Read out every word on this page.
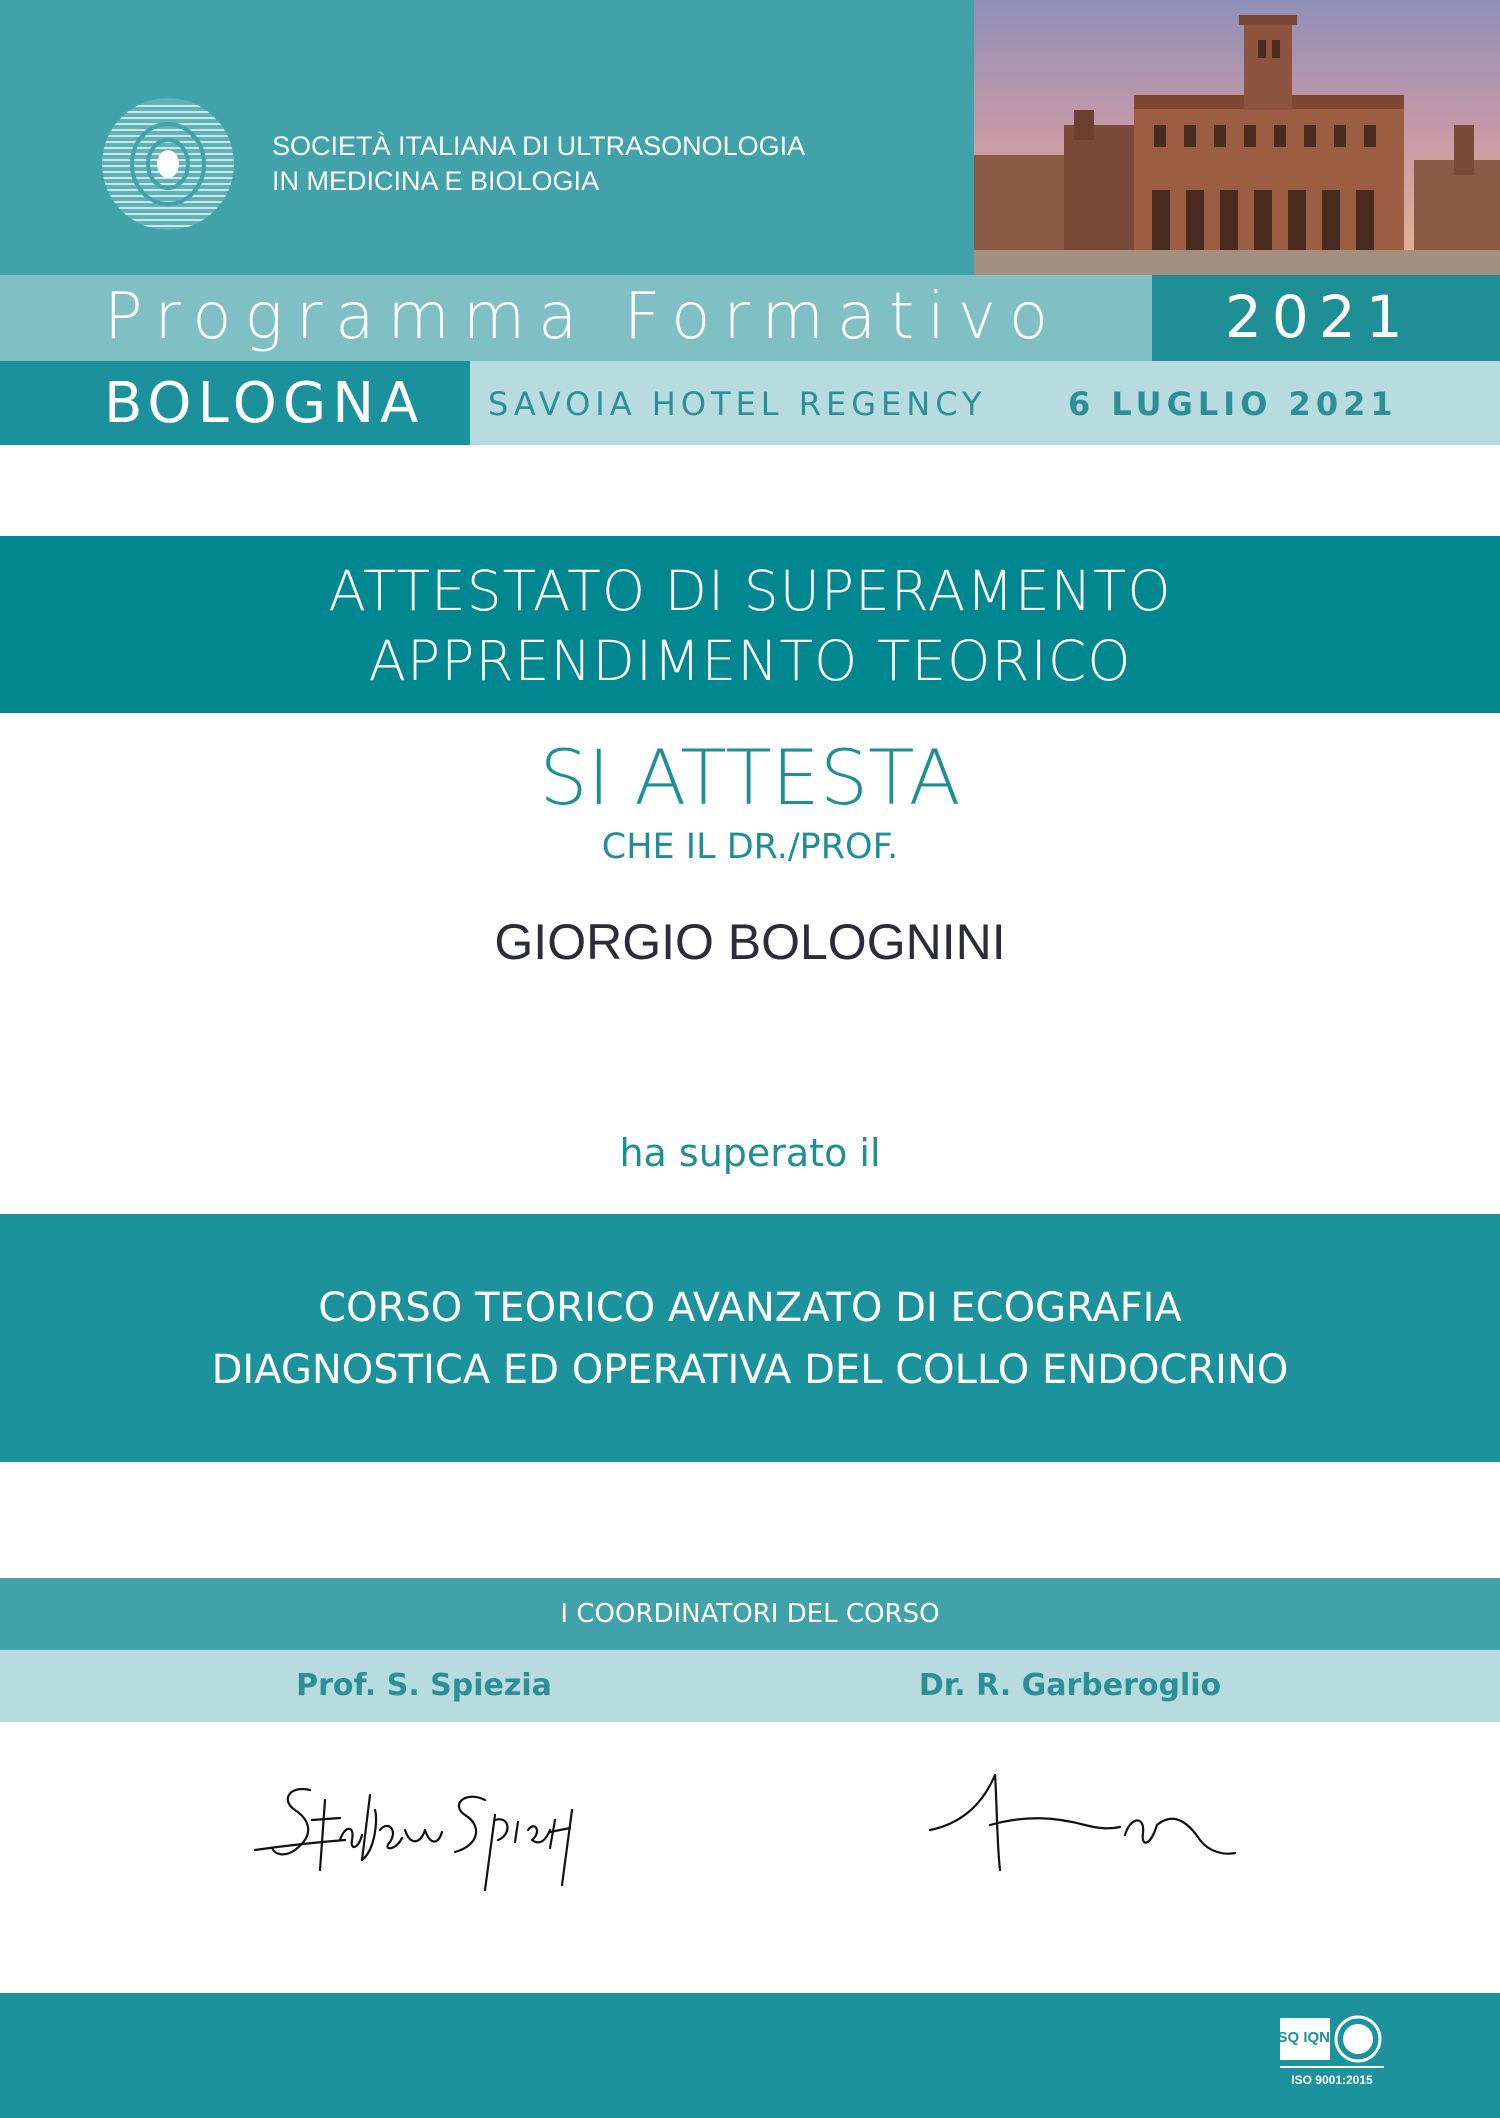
SOCIETÀ ITALIANA DI ULTRASONOLOGIA
IN MEDICINA E BIOLOGIA
Programma Formativo	2021
BOLOGNA SAVOIA HOTEL REGENCY	6 LUGLIO 2021
ATTESTATO DI SUPERAMENTO
APPRENDIMENTO TEORICO
SI ATTESTA
CHE IL DR./PROF.
GIORGIO BOLOGNINI
ha superato il
CORSO TEORICO AVANZATO DI ECOGRAFIA
DIAGNOSTICA ED OPERATIVA DEL COLLO ENDOCRINO
I COORDINATORI DEL CORSO
Prof. S. Spiezia	Dr. R. Garberoglio
CSQ IQNet
ISO 9001:2015
